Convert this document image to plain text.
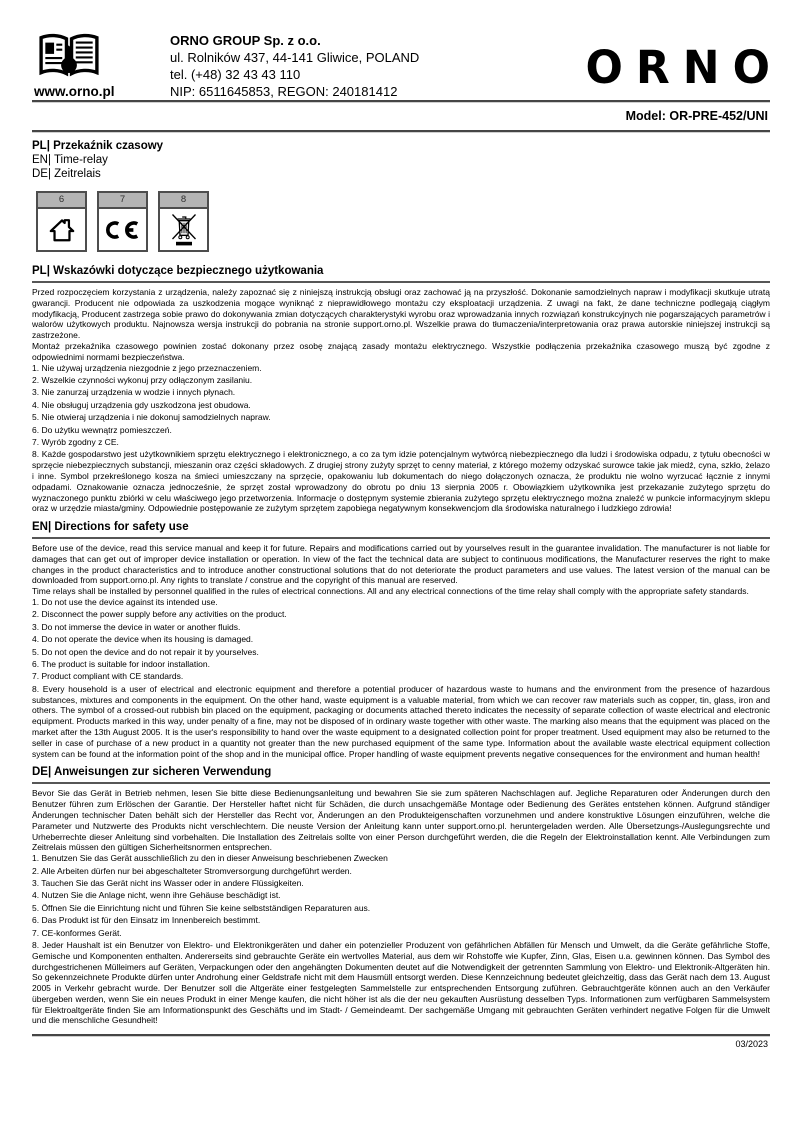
www.orno.pl
ORNO GROUP Sp. z o.o.
ul. Rolników 437, 44-141 Gliwice, POLAND
tel. (+48) 32 43 43 110
NIP: 6511645853, REGON: 240181412	ORNO
Model: OR-PRE-452/UNI
PL| Przekaźnik czasowy
EN| Time-relay
DE| Zeitrelais
6	7	8
PL| Wskazówki dotyczące bezpiecznego użytkowania
Przed rozpoczęciem korzystania z urządzenia, należy zapoznać się z niniejszą instrukcją obsługi oraz zachować ją na przyszłość. Dokonanie samodzielnych napraw i modyfikacji skutkuje utratą gwarancji. Producent nie odpowiada za uszkodzenia mogące wyniknąć z nieprawidłowego montażu czy eksploatacji urządzenia. Z uwagi na fakt, że dane techniczne podlegają ciągłym modyfikacją, Producent zastrzega sobie prawo do dokonywania zmian dotyczących charakterystyki wyrobu oraz wprowadzania innych rozwiązań konstrukcyjnych nie pogarszających parametrów i walorów użytkowych produktu. Najnowsza wersja instrukcji do pobrania na stronie support.orno.pl. Wszelkie prawa do tłumaczenia/interpretowania oraz prawa autorskie niniejszej instrukcji są zastrzeżone.
Montaż przekaźnika czasowego powinien zostać dokonany przez osobę znającą zasady montażu elektrycznego. Wszystkie podłączenia przekaźnika czasowego muszą być zgodne z odpowiednimi normami bezpieczeństwa.
1. Nie używaj urządzenia niezgodnie z jego przeznaczeniem.
2. Wszelkie czynności wykonuj przy odłączonym zasilaniu.
3. Nie zanurzaj urządzenia w wodzie i innych płynach.
4. Nie obsługuj urządzenia gdy uszkodzona jest obudowa.
5. Nie otwieraj urządzenia i nie dokonuj samodzielnych napraw.
6. Do użytku wewnątrz pomieszczeń.
7. Wyrób zgodny z CE.
8. Każde gospodarstwo jest użytkownikiem sprzętu elektrycznego i elektronicznego, a co za tym idzie potencjalnym wytwórcą niebezpiecznego dla ludzi i środowiska odpadu, z tytułu obecności w sprzęcie niebezpiecznych substancji, mieszanin oraz części składowych. Z drugiej strony zużyty sprzęt to cenny materiał, z którego możemy odzyskać surowce takie jak miedź, cyna, szkło, żelazo i inne. Symbol przekreślonego kosza na śmieci umieszczany na sprzęcie, opakowaniu lub dokumentach do niego dołączonych oznacza, że produktu nie wolno wyrzucać łącznie z innymi odpadami. Oznakowanie oznacza jednocześnie, że sprzęt został wprowadzony do obrotu po dniu 13 sierpnia 2005 r. Obowiązkiem użytkownika jest przekazanie zużytego sprzętu do wyznaczonego punktu zbiórki w celu właściwego jego przetworzenia. Informacje o dostępnym systemie zbierania zużytego sprzętu elektrycznego można znaleźć w punkcie informacyjnym sklepu oraz w urzędzie miasta/gminy. Odpowiednie postępowanie ze zużytym sprzętem zapobiega negatywnym konsekwencjom dla środowiska naturalnego i ludzkiego zdrowia!
EN| Directions for safety use
Before use of the device, read this service manual and keep it for future. Repairs and modifications carried out by yourselves result in the guarantee invalidation. The manufacturer is not liable for damages that can get out of improper device installation or operation. In view of the fact the technical data are subject to continuous modifications, the Manufacturer reserves the right to make changes in the product characteristics and to introduce another constructional solutions that do not deteriorate the product parameters and use values. The latest version of the manual can be downloaded from support.orno.pl. Any rights to translate / construe and the copyright of this manual are reserved.
Time relays shall be installed by personnel qualified in the rules of electrical connections. All and any electrical connections of the time relay shall comply with the appropriate safety standards.
1. Do not use the device against its intended use.
2. Disconnect the power supply before any activities on the product.
3. Do not immerse the device in water or another fluids.
4. Do not operate the device when its housing is damaged.
5. Do not open the device and do not repair it by yourselves.
6. The product is suitable for indoor installation.
7. Product compliant with CE standards.
8. Every household is a user of electrical and electronic equipment and therefore a potential producer of hazardous waste to humans and the environment from the presence of hazardous substances, mixtures and components in the equipment. On the other hand, waste equipment is a valuable material, from which we can recover raw materials such as copper, tin, glass, iron and others. The symbol of a crossed-out rubbish bin placed on the equipment, packaging or documents attached thereto indicates the necessity of separate collection of waste electrical and electronic equipment. Products marked in this way, under penalty of a fine, may not be disposed of in ordinary waste together with other waste. The marking also means that the equipment was placed on the market after the 13th August 2005. It is the user's responsibility to hand over the waste equipment to a designated collection point for proper treatment. Used equipment may also be returned to the seller in case of purchase of a new product in a quantity not greater than the new purchased equipment of the same type. Information about the available waste electrical equipment collection system can be found at the information point of the shop and in the municipal office. Proper handling of waste equipment prevents negative consequences for the environment and human health!
DE| Anweisungen zur sicheren Verwendung
Bevor Sie das Gerät in Betrieb nehmen, lesen Sie bitte diese Bedienungsanleitung und bewahren Sie sie zum späteren Nachschlagen auf. Jegliche Reparaturen oder Änderungen durch den Benutzer führen zum Erlöschen der Garantie. Der Hersteller haftet nicht für Schäden, die durch unsachgemäße Montage oder Bedienung des Gerätes entstehen können. Aufgrund ständiger Änderungen technischer Daten behält sich der Hersteller das Recht vor, Änderungen an den Produkteigenschaften vorzunehmen und andere konstruktive Lösungen einzuführen, welche die Parameter und Nutzwerte des Produkts nicht verschlechtern. Die neuste Version der Anleitung kann unter support.orno.pl. heruntergeladen werden. Alle Übersetzungs-/Auslegungsrechte und Urheberrechte dieser Anleitung sind vorbehalten. Die Installation des Zeitrelais sollte von einer Person durchgeführt werden, die die Regeln der Elektroinstallation kennt. Alle Verbindungen zum Zeitrelais müssen den gültigen Sicherheitsnormen entsprechen.
1. Benutzen Sie das Gerät ausschließlich zu den in dieser Anweisung beschriebenen Zwecken
2. Alle Arbeiten dürfen nur bei abgeschalteter Stromversorgung durchgeführt werden.
3. Tauchen Sie das Gerät nicht ins Wasser oder in andere Flüssigkeiten.
4. Nutzen Sie die Anlage nicht, wenn ihre Gehäuse beschädigt ist.
5. Öffnen Sie die Einrichtung nicht und führen Sie keine selbstständigen Reparaturen aus.
6. Das Produkt ist für den Einsatz im Innenbereich bestimmt.
7. CE-konformes Gerät.
8. Jeder Haushalt ist ein Benutzer von Elektro- und Elektronikgeräten und daher ein potenzieller Produzent von gefährlichen Abfällen für Mensch und Umwelt, da die Geräte gefährliche Stoffe, Gemische und Komponenten enthalten. Andererseits sind gebrauchte Geräte ein wertvolles Material, aus dem wir Rohstoffe wie Kupfer, Zinn, Glas, Eisen u.a. gewinnen können. Das Symbol des durchgestrichenen Mülleimers auf Geräten, Verpackungen oder den angehängten Dokumenten deutet auf die Notwendigkeit der getrennten Sammlung von Elektro- und Elektronik-Altgeräten hin. So gekennzeichnete Produkte dürfen unter Androhung einer Geldstrafe nicht mit dem Hausmüll entsorgt werden. Diese Kennzeichnung bedeutet gleichzeitig, dass das Gerät nach dem 13. August 2005 in Verkehr gebracht wurde. Der Benutzer soll die Altgeräte einer festgelegten Sammelstelle zur entsprechenden Entsorgung zuführen. Gebrauchtgeräte können auch an den Verkäufer übergeben werden, wenn Sie ein neues Produkt in einer Menge kaufen, die nicht höher ist als die der neu gekauften Ausrüstung desselben Typs. Informationen zum verfügbaren Sammelsystem für Elektroaltgeräte finden Sie am Informationspunkt des Geschäfts und im Stadt- / Gemeindeamt. Der sachgemäße Umgang mit gebrauchten Geräten verhindert negative Folgen für die Umwelt und die menschliche Gesundheit!
03/2023
